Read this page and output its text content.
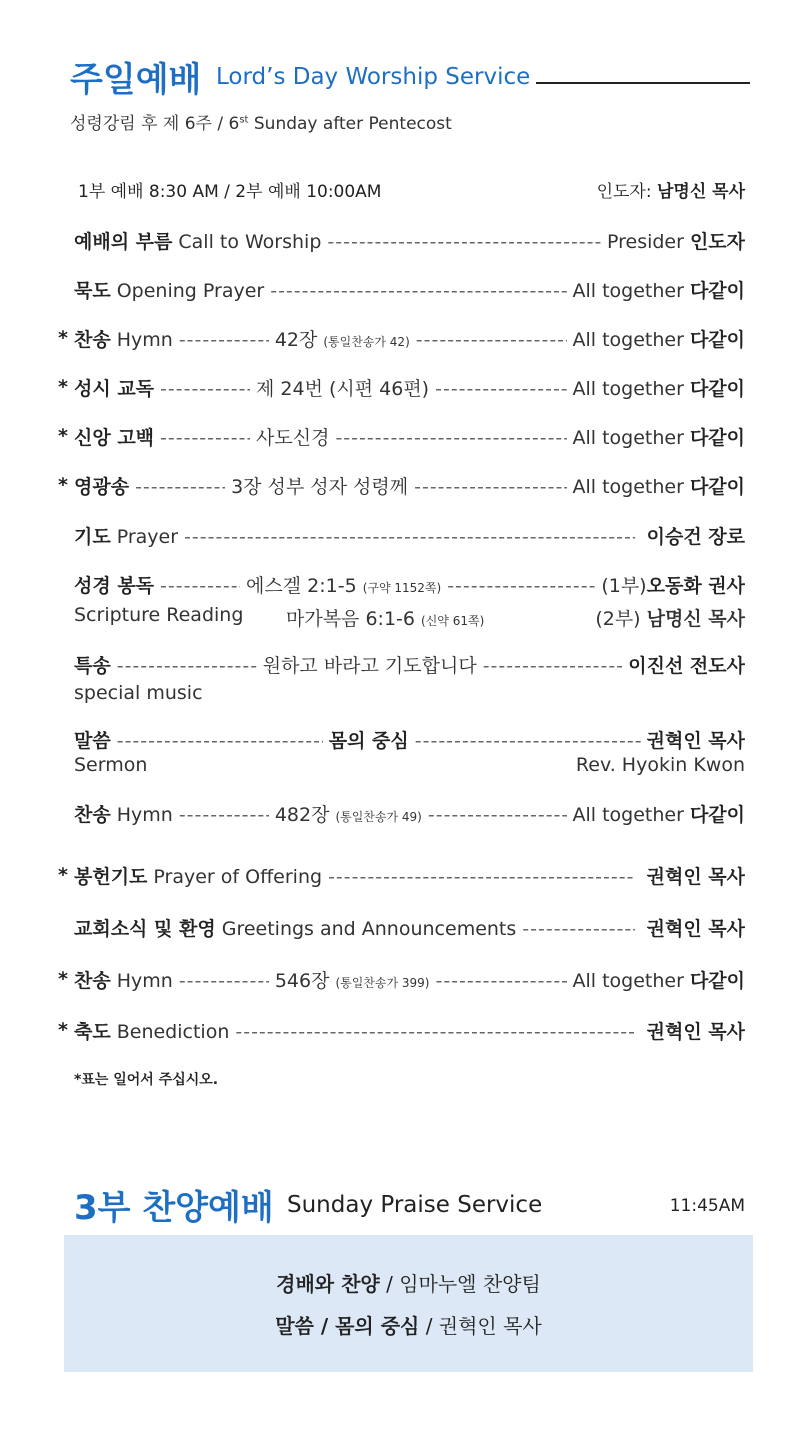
주일예배 Lord’s Day Worship Service
성령강림 후 제 6주 / 6st Sunday after Pentecost
1부 예배 8:30 AM / 2부 예배 10:00AM	인도자: 남명신 목사
예배의 부름 Call to Worship -----	Presider 인도자
묵도 Opening Prayer -----	All together 다같이
* 찬송 Hymn -----	42장 (통일찬송가 42) -----	All together 다같이
* 성시 교독 -----	제 24번 (시편 46편) -----	All together 다같이
* 신앙 고백 -----	사도신경 -----	All together 다같이
* 영광송 -----	3장 성부 성자 성령께 -----	All together 다같이
기도 Prayer -----	이승건 장로
성경 봉독 -----	에스겔 2:1-5 (구약 1152쪽) -----	(1부) 오동화 권사
Scripture Reading	마가복음 6:1-6 (신약 61쪽)	(2부) 남명신 목사
특송 -----	원하고 바라고 기도합니다 -----	이진선 전도사
special music
말씀 -----	몸의 중심 -----	권혁인 목사
Sermon	Rev. Hyokin Kwon
찬송 Hymn -----	482장 (통일찬송가 49) -----	All together 다같이
* 봉헌기도 Prayer of Offering -----	권혁인 목사
교회소식 및 환영 Greetings and Announcements -----	권혁인 목사
* 찬송 Hymn -----	546장 (통일찬송가 399) -----	All together 다같이
* 축도 Benediction -----	권혁인 목사
*표는 일어서 주십시오.
3부 찬양예배 Sunday Praise Service	11:45AM
경배와 찬양 / 임마누엘 찬양팀
말씀 / 몸의 중심 / 권혁인 목사
